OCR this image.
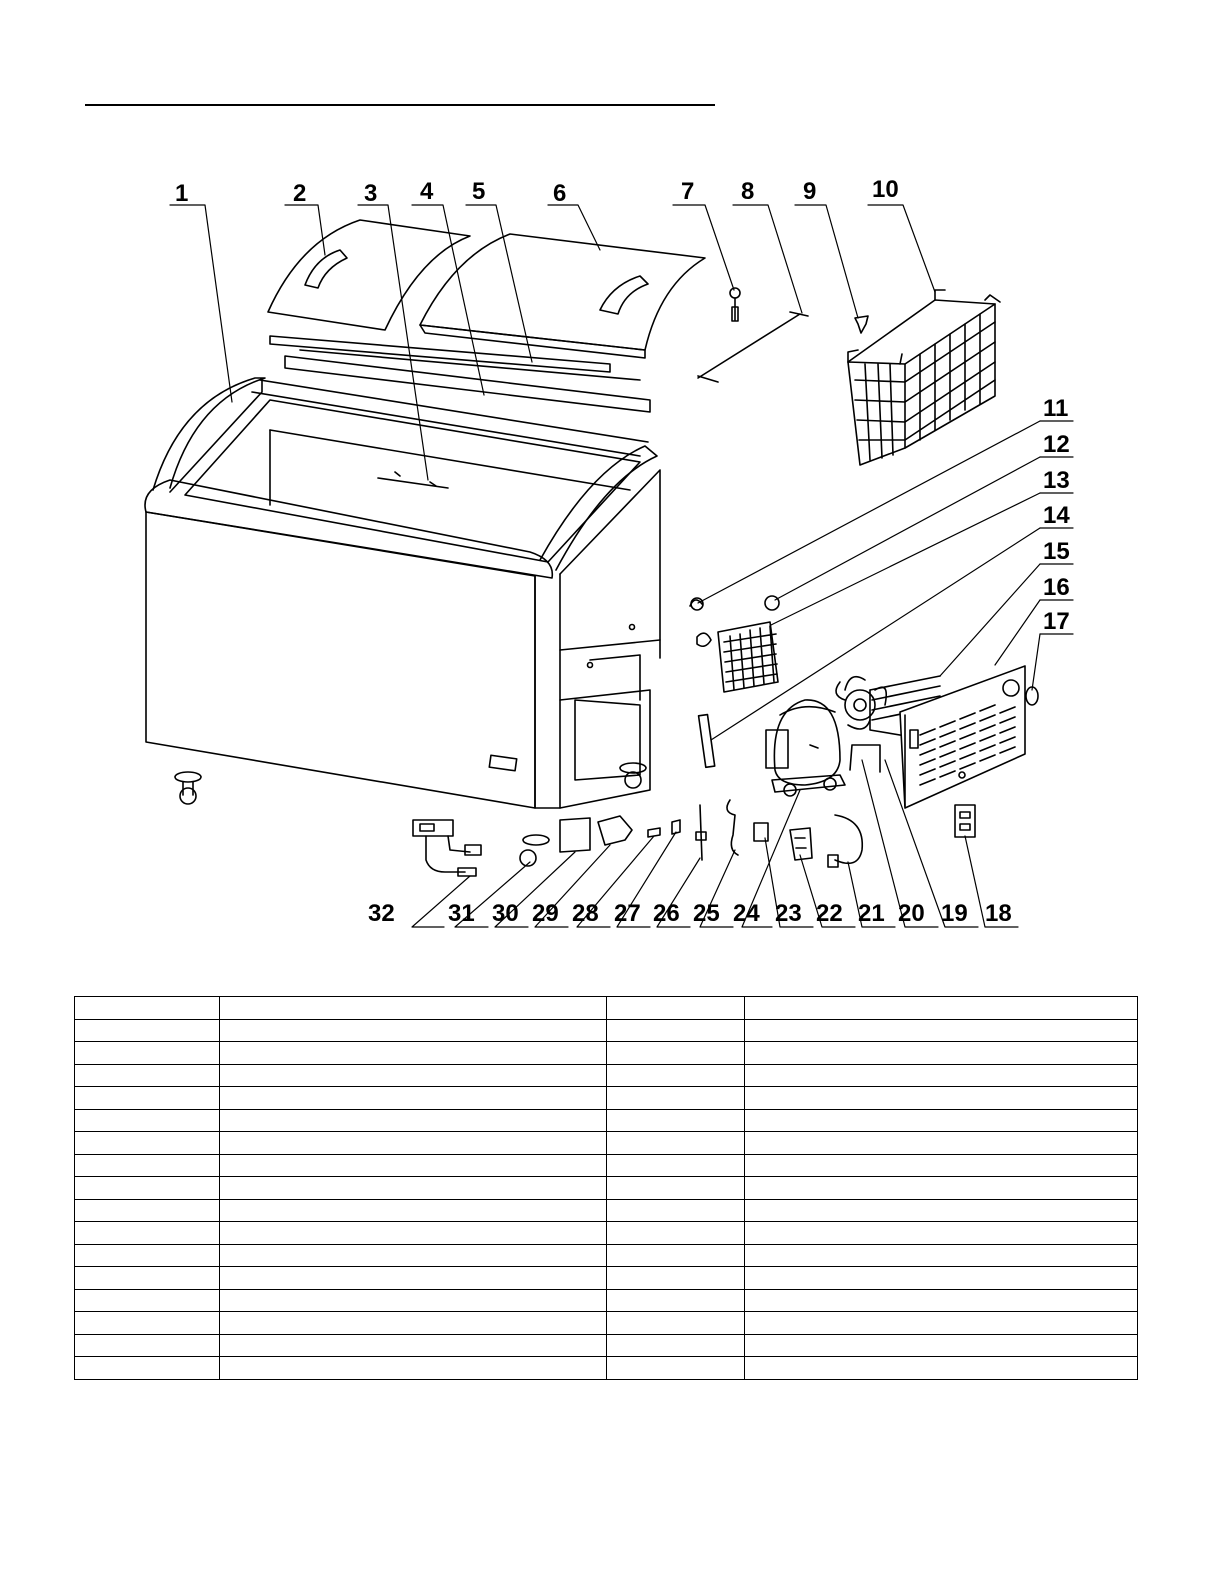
1	2 3 4 5	6	7 8 9 10
11
12
13
14
15
16
17
18
19
20
21
22
23
24
25
26
27
28
29
30
31
32
